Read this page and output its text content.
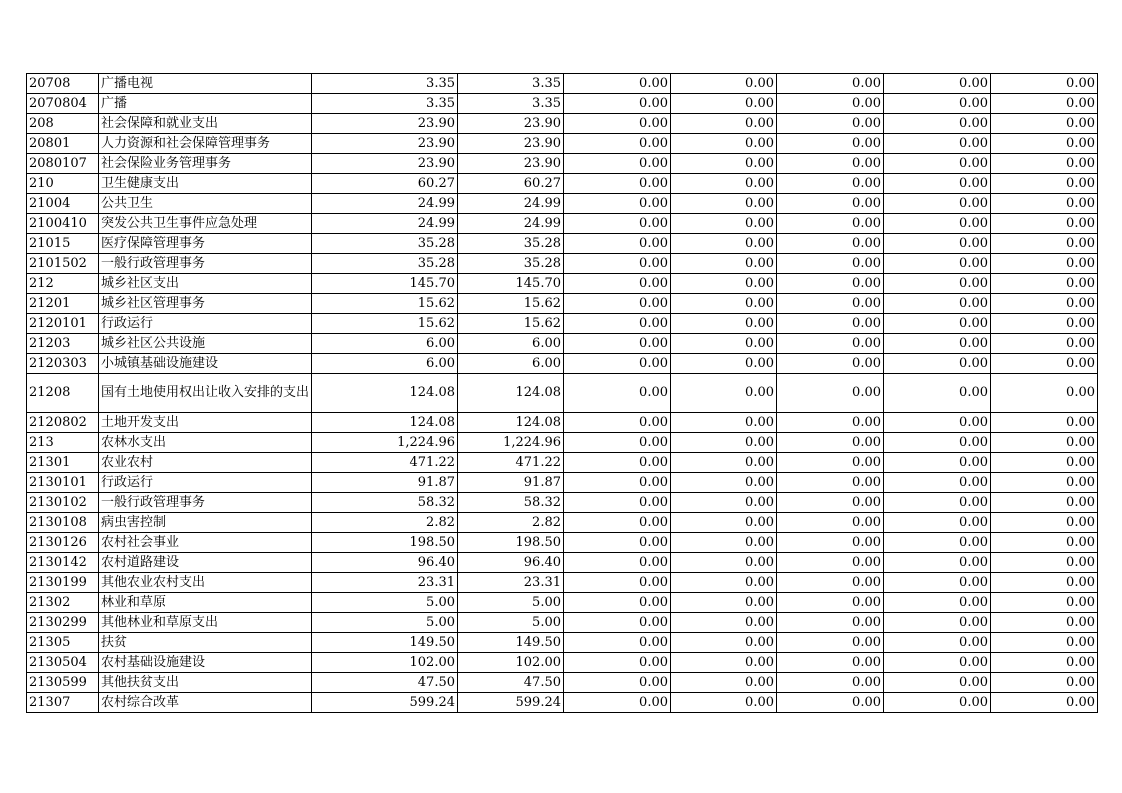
20708	广播电视	3.35	3.35	0.00	0.00	0.00	0.00	0.00
2070804	广播	3.35	3.35	0.00	0.00	0.00	0.00	0.00
208	社会保障和就业支出	23.90	23.90	0.00	0.00	0.00	0.00	0.00
20801	人力资源和社会保障管理事务	23.90	23.90	0.00	0.00	0.00	0.00	0.00
2080107	社会保险业务管理事务	23.90	23.90	0.00	0.00	0.00	0.00	0.00
210	卫生健康支出	60.27	60.27	0.00	0.00	0.00	0.00	0.00
21004	公共卫生	24.99	24.99	0.00	0.00	0.00	0.00	0.00
2100410	突发公共卫生事件应急处理	24.99	24.99	0.00	0.00	0.00	0.00	0.00
21015	医疗保障管理事务	35.28	35.28	0.00	0.00	0.00	0.00	0.00
2101502	一般行政管理事务	35.28	35.28	0.00	0.00	0.00	0.00	0.00
212	城乡社区支出	145.70	145.70	0.00	0.00	0.00	0.00	0.00
21201	城乡社区管理事务	15.62	15.62	0.00	0.00	0.00	0.00	0.00
2120101	行政运行	15.62	15.62	0.00	0.00	0.00	0.00	0.00
21203	城乡社区公共设施	6.00	6.00	0.00	0.00	0.00	0.00	0.00
2120303	小城镇基础设施建设	6.00	6.00	0.00	0.00	0.00	0.00	0.00
21208	国有土地使用权出让收入安排的支出	124.08	124.08	0.00	0.00	0.00	0.00	0.00
2120802	土地开发支出	124.08	124.08	0.00	0.00	0.00	0.00	0.00
213	农林水支出	1,224.96	1,224.96	0.00	0.00	0.00	0.00	0.00
21301	农业农村	471.22	471.22	0.00	0.00	0.00	0.00	0.00
2130101	行政运行	91.87	91.87	0.00	0.00	0.00	0.00	0.00
2130102	一般行政管理事务	58.32	58.32	0.00	0.00	0.00	0.00	0.00
2130108	病虫害控制	2.82	2.82	0.00	0.00	0.00	0.00	0.00
2130126	农村社会事业	198.50	198.50	0.00	0.00	0.00	0.00	0.00
2130142	农村道路建设	96.40	96.40	0.00	0.00	0.00	0.00	0.00
2130199	其他农业农村支出	23.31	23.31	0.00	0.00	0.00	0.00	0.00
21302	林业和草原	5.00	5.00	0.00	0.00	0.00	0.00	0.00
2130299	其他林业和草原支出	5.00	5.00	0.00	0.00	0.00	0.00	0.00
21305	扶贫	149.50	149.50	0.00	0.00	0.00	0.00	0.00
2130504	农村基础设施建设	102.00	102.00	0.00	0.00	0.00	0.00	0.00
2130599	其他扶贫支出	47.50	47.50	0.00	0.00	0.00	0.00	0.00
21307	农村综合改革	599.24	599.24	0.00	0.00	0.00	0.00	0.00
